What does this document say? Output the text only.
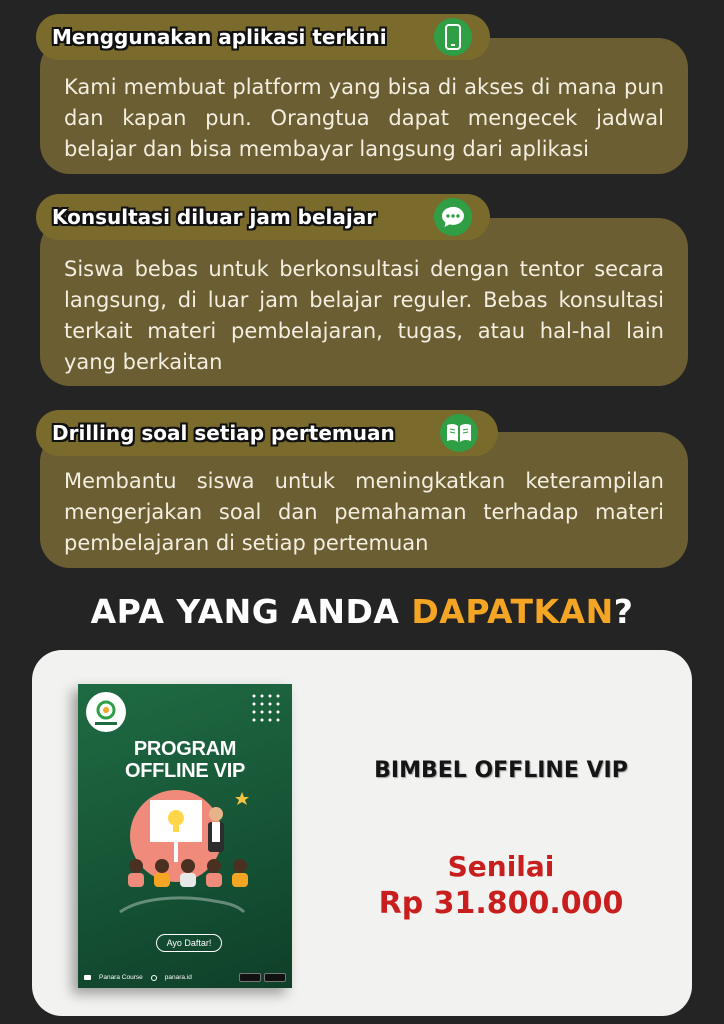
Kami membuat platform yang bisa di akses di mana pun dan kapan pun. Orangtua dapat mengecek jadwal belajar dan bisa membayar langsung dari aplikasi

Menggunakan aplikasi terkini

Siswa bebas untuk berkonsultasi dengan tentor secara langsung, di luar jam belajar reguler. Bebas konsultasi terkait materi pembelajaran, tugas, atau hal-hal lain yang berkaitan

Konsultasi diluar jam belajar

Membantu siswa untuk meningkatkan keterampilan mengerjakan soal dan pemahaman terhadap materi pembelajaran di setiap pertemuan

Drilling soal setiap pertemuan
APA YANG ANDA DAPATKAN?
PROGRAM
OFFLINE VIP
Ayo Daftar!
Panara Course	panara.id
BIMBEL OFFLINE VIP
Senilai
Rp 31.800.000
